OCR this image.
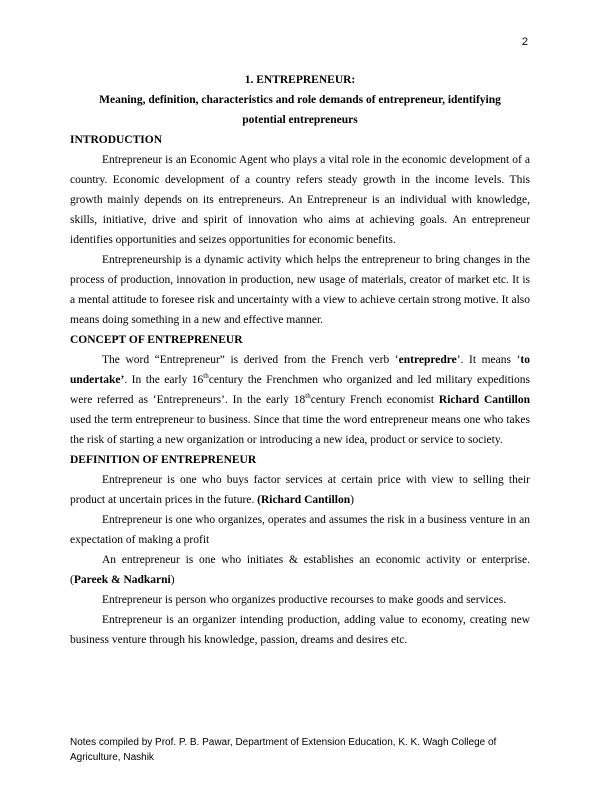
2
1. ENTREPRENEUR:
Meaning, definition, characteristics and role demands of entrepreneur, identifying
potential entrepreneurs
INTRODUCTION

Entrepreneur is an Economic Agent who plays a vital role in the economic development of a country. Economic development of a country refers steady growth in the income levels. This growth mainly depends on its entrepreneurs. An Entrepreneur is an individual with knowledge, skills, initiative, drive and spirit of innovation who aims at achieving goals. An entrepreneur identifies opportunities and seizes opportunities for economic benefits.

Entrepreneurship is a dynamic activity which helps the entrepreneur to bring changes in the process of production, innovation in production, new usage of materials, creator of market etc. It is a mental attitude to foresee risk and uncertainty with a view to achieve certain strong motive. It also means doing something in a new and effective manner.

CONCEPT OF ENTREPRENEUR

The word “Entrepreneur” is derived from the French verb ‘entrepredre’. It means ‘to undertake’. In the early 16thcentury the Frenchmen who organized and led military expeditions were referred as ‘Entrepreneurs’. In the early 18thcentury French economist Richard Cantillon used the term entrepreneur to business. Since that time the word entrepreneur means one who takes the risk of starting a new organization or introducing a new idea, product or service to society.

DEFINITION OF ENTREPRENEUR

Entrepreneur is one who buys factor services at certain price with view to selling their product at uncertain prices in the future. (Richard Cantillon)

Entrepreneur is one who organizes, operates and assumes the risk in a business venture in an expectation of making a profit

An entrepreneur is one who initiates & establishes an economic activity or enterprise. (Pareek & Nadkarni)

Entrepreneur is person who organizes productive recourses to make goods and services.

Entrepreneur is an organizer intending production, adding value to economy, creating new business venture through his knowledge, passion, dreams and desires etc.

Notes compiled by Prof. P. B. Pawar, Department of Extension Education, K. K. Wagh College of
Agriculture, Nashik
